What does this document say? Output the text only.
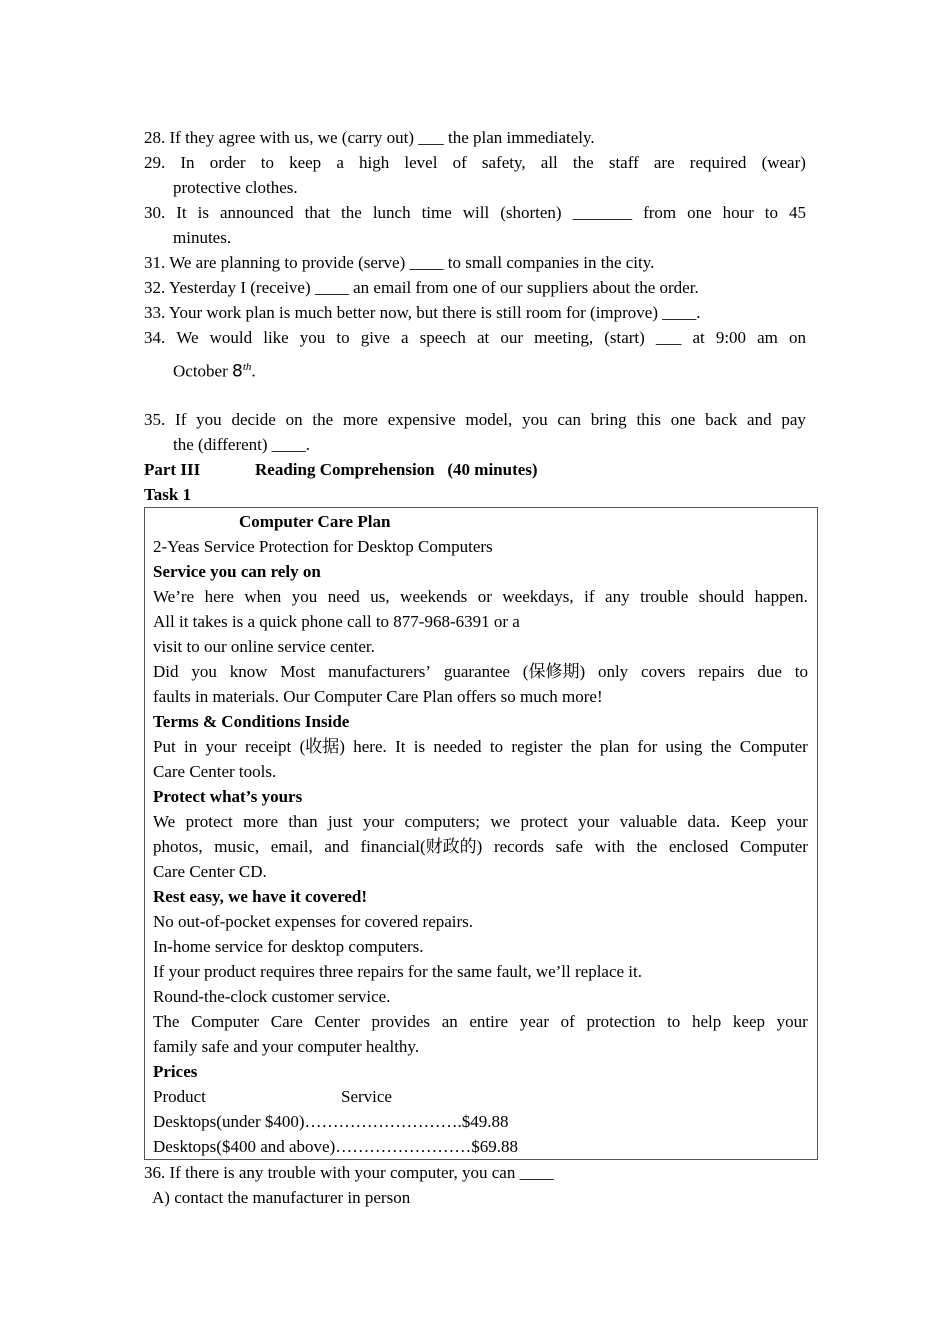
28. If they agree with us, we (carry out) ___ the plan immediately.
29. In order to keep a high level of safety, all the staff are required (wear)
protective clothes.
30. It is announced that the lunch time will (shorten) _______ from one hour to 45
minutes.
31. We are planning to provide (serve) ____ to small companies in the city.
32. Yesterday I (receive) ____ an email from one of our suppliers about the order.
33. Your work plan is much better now, but there is still room for (improve) ____.
34. We would like you to give a speech at our meeting, (start) ___ at 9:00 am on
October 8th.
35. If you decide on the more expensive model, you can bring this one back and pay
the (different) ____.
Part III	Reading Comprehension   (40 minutes)
Task 1
Computer Care Plan
2-Yeas Service Protection for Desktop Computers
Service you can rely on
We’re here when you need us, weekends or weekdays, if any trouble should happen.
All it takes is a quick phone call to 877-968-6391 or a
visit to our online service center.
Did you know Most manufacturers’ guarantee (保修期) only covers repairs due to
faults in materials. Our Computer Care Plan offers so much more!
Terms & Conditions Inside
Put in your receipt (收据) here. It is needed to register the plan for using the Computer
Care Center tools.
Protect what’s yours
We protect more than just your computers; we protect your valuable data. Keep your
photos, music, email, and financial(财政的) records safe with the enclosed Computer
Care Center CD.
Rest easy, we have it covered!
No out-of-pocket expenses for covered repairs.
In-home service for desktop computers.
If your product requires three repairs for the same fault, we’ll replace it.
Round-the-clock customer service.
The Computer Care Center provides an entire year of protection to help keep your
family safe and your computer healthy.
Prices
Product	Service
Desktops(under $400)……………………….$49.88
Desktops($400 and above)……………………$69.88
36. If there is any trouble with your computer, you can ____
A) contact the manufacturer in person
